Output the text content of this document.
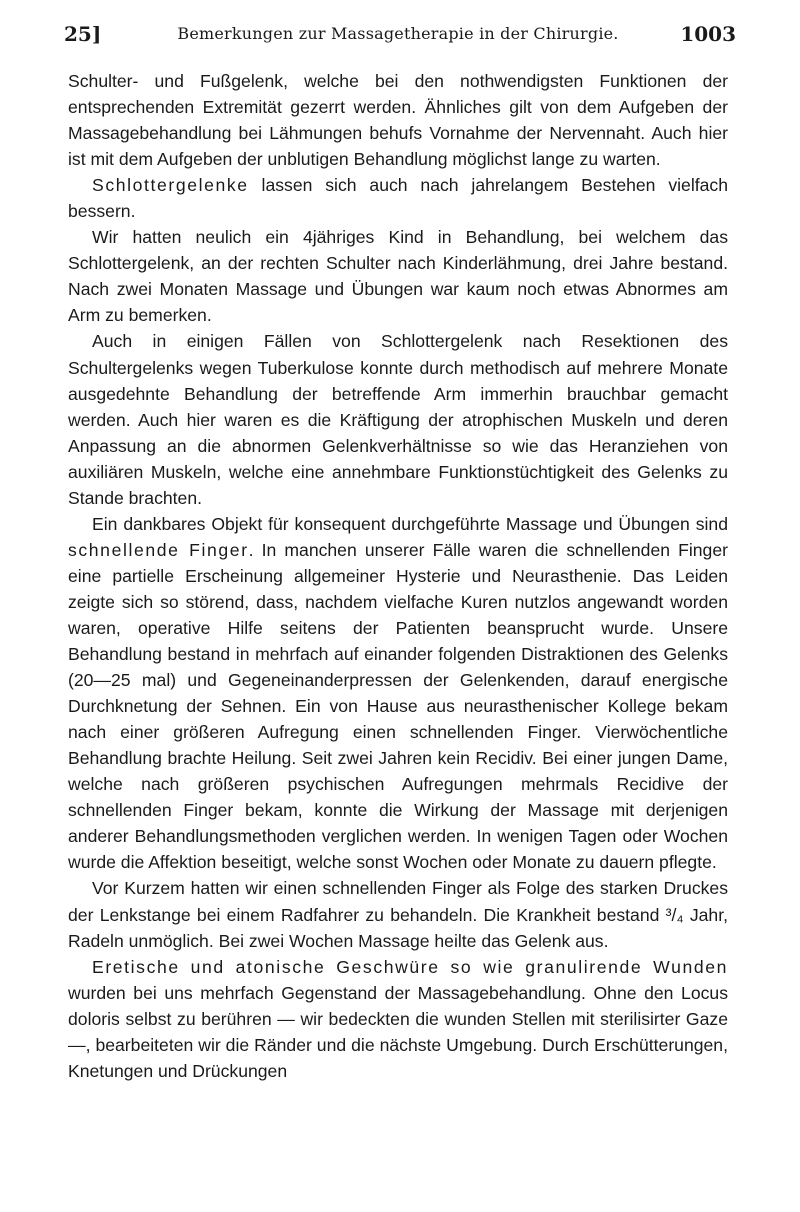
25]	Bemerkungen zur Massagetherapie in der Chirurgie.	1003

Schulter- und Fußgelenk, welche bei den nothwendigsten Funktionen der entsprechenden Extremität gezerrt werden. Ähnliches gilt von dem Aufgeben der Massagebehandlung bei Lähmungen behufs Vornahme der Nervennaht. Auch hier ist mit dem Aufgeben der unblutigen Behandlung möglichst lange zu warten.

Schlottergelenke lassen sich auch nach jahrelangem Bestehen vielfach bessern.

Wir hatten neulich ein 4jähriges Kind in Behandlung, bei welchem das Schlottergelenk, an der rechten Schulter nach Kinderlähmung, drei Jahre bestand. Nach zwei Monaten Massage und Übungen war kaum noch etwas Abnormes am Arm zu bemerken.

Auch in einigen Fällen von Schlottergelenk nach Resektionen des Schultergelenks wegen Tuberkulose konnte durch methodisch auf mehrere Monate ausgedehnte Behandlung der betreffende Arm immerhin brauchbar gemacht werden. Auch hier waren es die Kräftigung der atrophischen Muskeln und deren Anpassung an die abnormen Gelenkverhältnisse so wie das Heranziehen von auxiliären Muskeln, welche eine annehmbare Funktionstüchtigkeit des Gelenks zu Stande brachten.

Ein dankbares Objekt für konsequent durchgeführte Massage und Übungen sind schnellende Finger. In manchen unserer Fälle waren die schnellenden Finger eine partielle Erscheinung allgemeiner Hysterie und Neurasthenie. Das Leiden zeigte sich so störend, dass, nachdem vielfache Kuren nutzlos angewandt worden waren, operative Hilfe seitens der Patienten beansprucht wurde. Unsere Behandlung bestand in mehrfach auf einander folgenden Distraktionen des Gelenks (20—25 mal) und Gegeneinanderpressen der Gelenkenden, darauf energische Durchknetung der Sehnen. Ein von Hause aus neurasthenischer Kollege bekam nach einer größeren Aufregung einen schnellenden Finger. Vierwöchentliche Behandlung brachte Heilung. Seit zwei Jahren kein Recidiv. Bei einer jungen Dame, welche nach größeren psychischen Aufregungen mehrmals Recidive der schnellenden Finger bekam, konnte die Wirkung der Massage mit derjenigen anderer Behandlungsmethoden verglichen werden. In wenigen Tagen oder Wochen wurde die Affektion beseitigt, welche sonst Wochen oder Monate zu dauern pflegte.

Vor Kurzem hatten wir einen schnellenden Finger als Folge des starken Druckes der Lenkstange bei einem Radfahrer zu behandeln. Die Krankheit bestand ³/₄ Jahr, Radeln unmöglich. Bei zwei Wochen Massage heilte das Gelenk aus.

Eretische und atonische Geschwüre so wie granulirende Wunden wurden bei uns mehrfach Gegenstand der Massagebehandlung. Ohne den Locus doloris selbst zu berühren — wir bedeckten die wunden Stellen mit sterilisirter Gaze —, bearbeiteten wir die Ränder und die nächste Umgebung. Durch Erschütterungen, Knetungen und Drückungen
